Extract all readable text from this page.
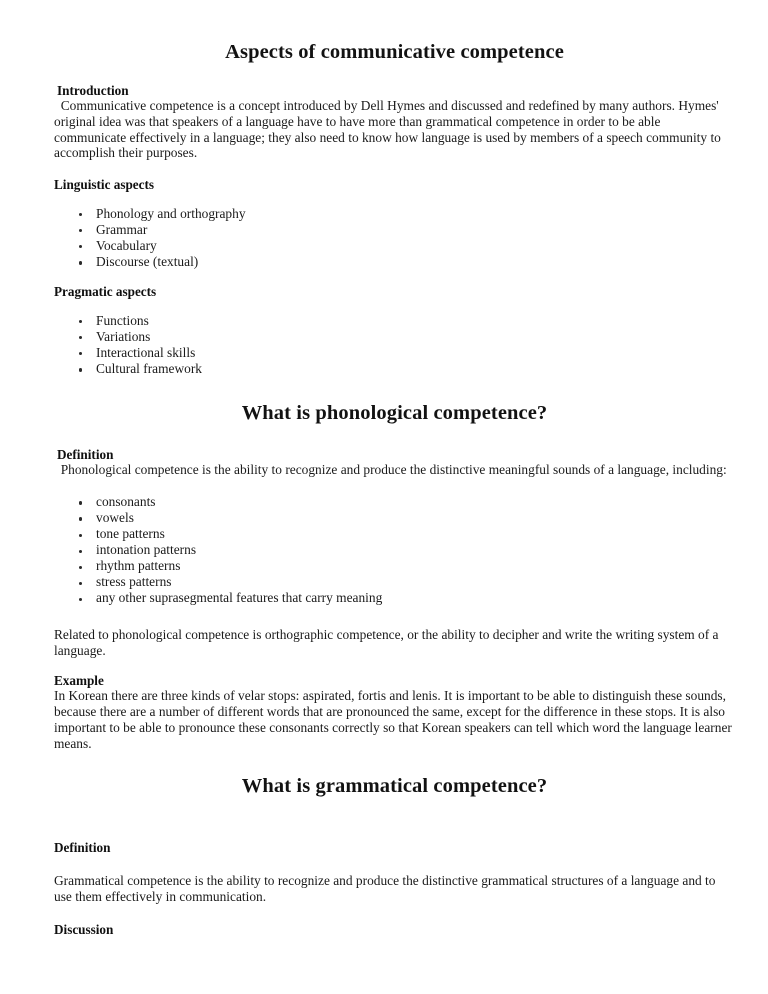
Aspects of communicative competence
Introduction

Communicative competence is a concept introduced by Dell Hymes and discussed and redefined by many authors. Hymes' original idea was that speakers of a language have to have more than grammatical competence in order to be able communicate effectively in a language; they also need to know how language is used by members of a speech community to accomplish their purposes.

Linguistic aspects
Phonology and orthography
Grammar
Vocabulary
Discourse (textual)
Pragmatic aspects
Functions
Variations
Interactional skills
Cultural framework
What is phonological competence?
Definition

Phonological competence is the ability to recognize and produce the distinctive meaningful sounds of a language, including:

consonants
vowels
tone patterns
intonation patterns
rhythm patterns
stress patterns
any other suprasegmental features that carry meaning

Related to phonological competence is orthographic competence, or the ability to decipher and write the writing system of a language.

Example

In Korean there are three kinds of velar stops: aspirated, fortis and lenis. It is important to be able to distinguish these sounds, because there are a number of different words that are pronounced the same, except for the difference in these stops. It is also important to be able to pronounce these consonants correctly so that Korean speakers can tell which word the language learner means.

What is grammatical competence?
Definition

Grammatical competence is the ability to recognize and produce the distinctive grammatical structures of a language and to use them effectively in communication.

Discussion
